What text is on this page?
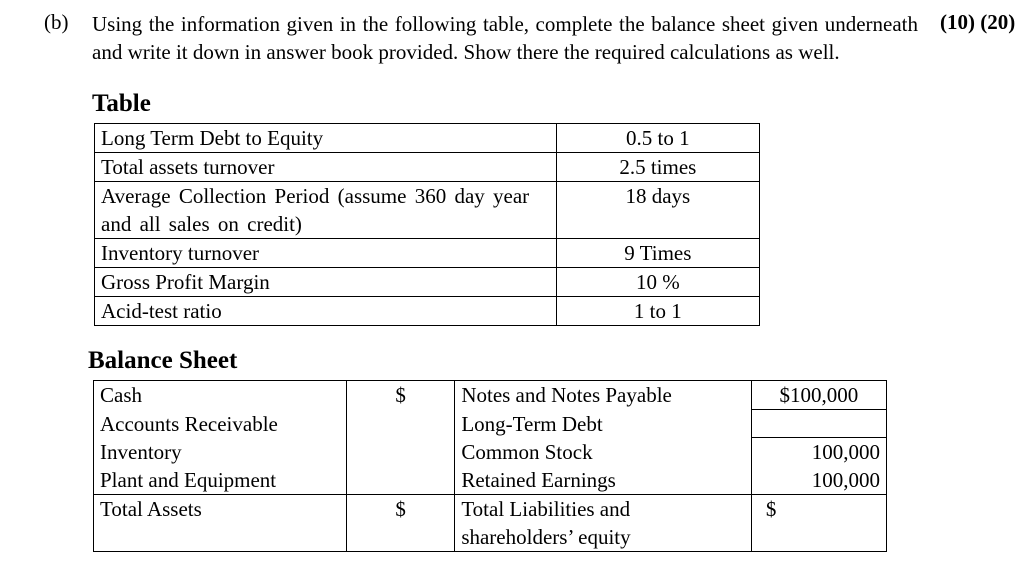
(b) Using the information given in the following table, complete the balance sheet given underneath and write it down in answer book provided. Show there the required calculations as well.
(10) (20)
Table
Long Term Debt to Equity	0.5 to 1
Total assets turnover	2.5 times
Average Collection Period (assume 360 day year and all sales on credit)	18 days
Inventory turnover	9 Times
Gross Profit Margin	10 %
Acid-test ratio	1 to 1
Balance Sheet
Cash	$	Notes and Notes Payable	$100,000
Accounts Receivable		Long-Term Debt	
Inventory		Common Stock	100,000
Plant and Equipment		Retained Earnings	100,000
Total Assets	$	Total Liabilities and shareholders’ equity	$
